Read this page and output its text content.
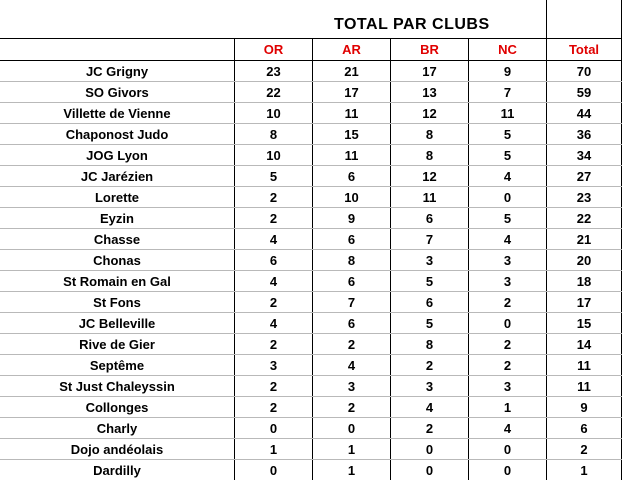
TOTAL PAR CLUBS					
	OR	AR	BR	NC	Total
JC Grigny	23	21	17	9	70
SO Givors	22	17	13	7	59
Villette de Vienne	10	11	12	11	44
Chaponost Judo	8	15	8	5	36
JOG Lyon	10	11	8	5	34
JC Jarézien	5	6	12	4	27
Lorette	2	10	11	0	23
Eyzin	2	9	6	5	22
Chasse	4	6	7	4	21
Chonas	6	8	3	3	20
St Romain en Gal	4	6	5	3	18
St Fons	2	7	6	2	17
JC Belleville	4	6	5	0	15
Rive de Gier	2	2	8	2	14
Septême	3	4	2	2	11
St Just Chaleyssin	2	3	3	3	11
Collonges	2	2	4	1	9
Charly	0	0	2	4	6
Dojo andéolais	1	1	0	0	2
Dardilly	0	1	0	0	1
